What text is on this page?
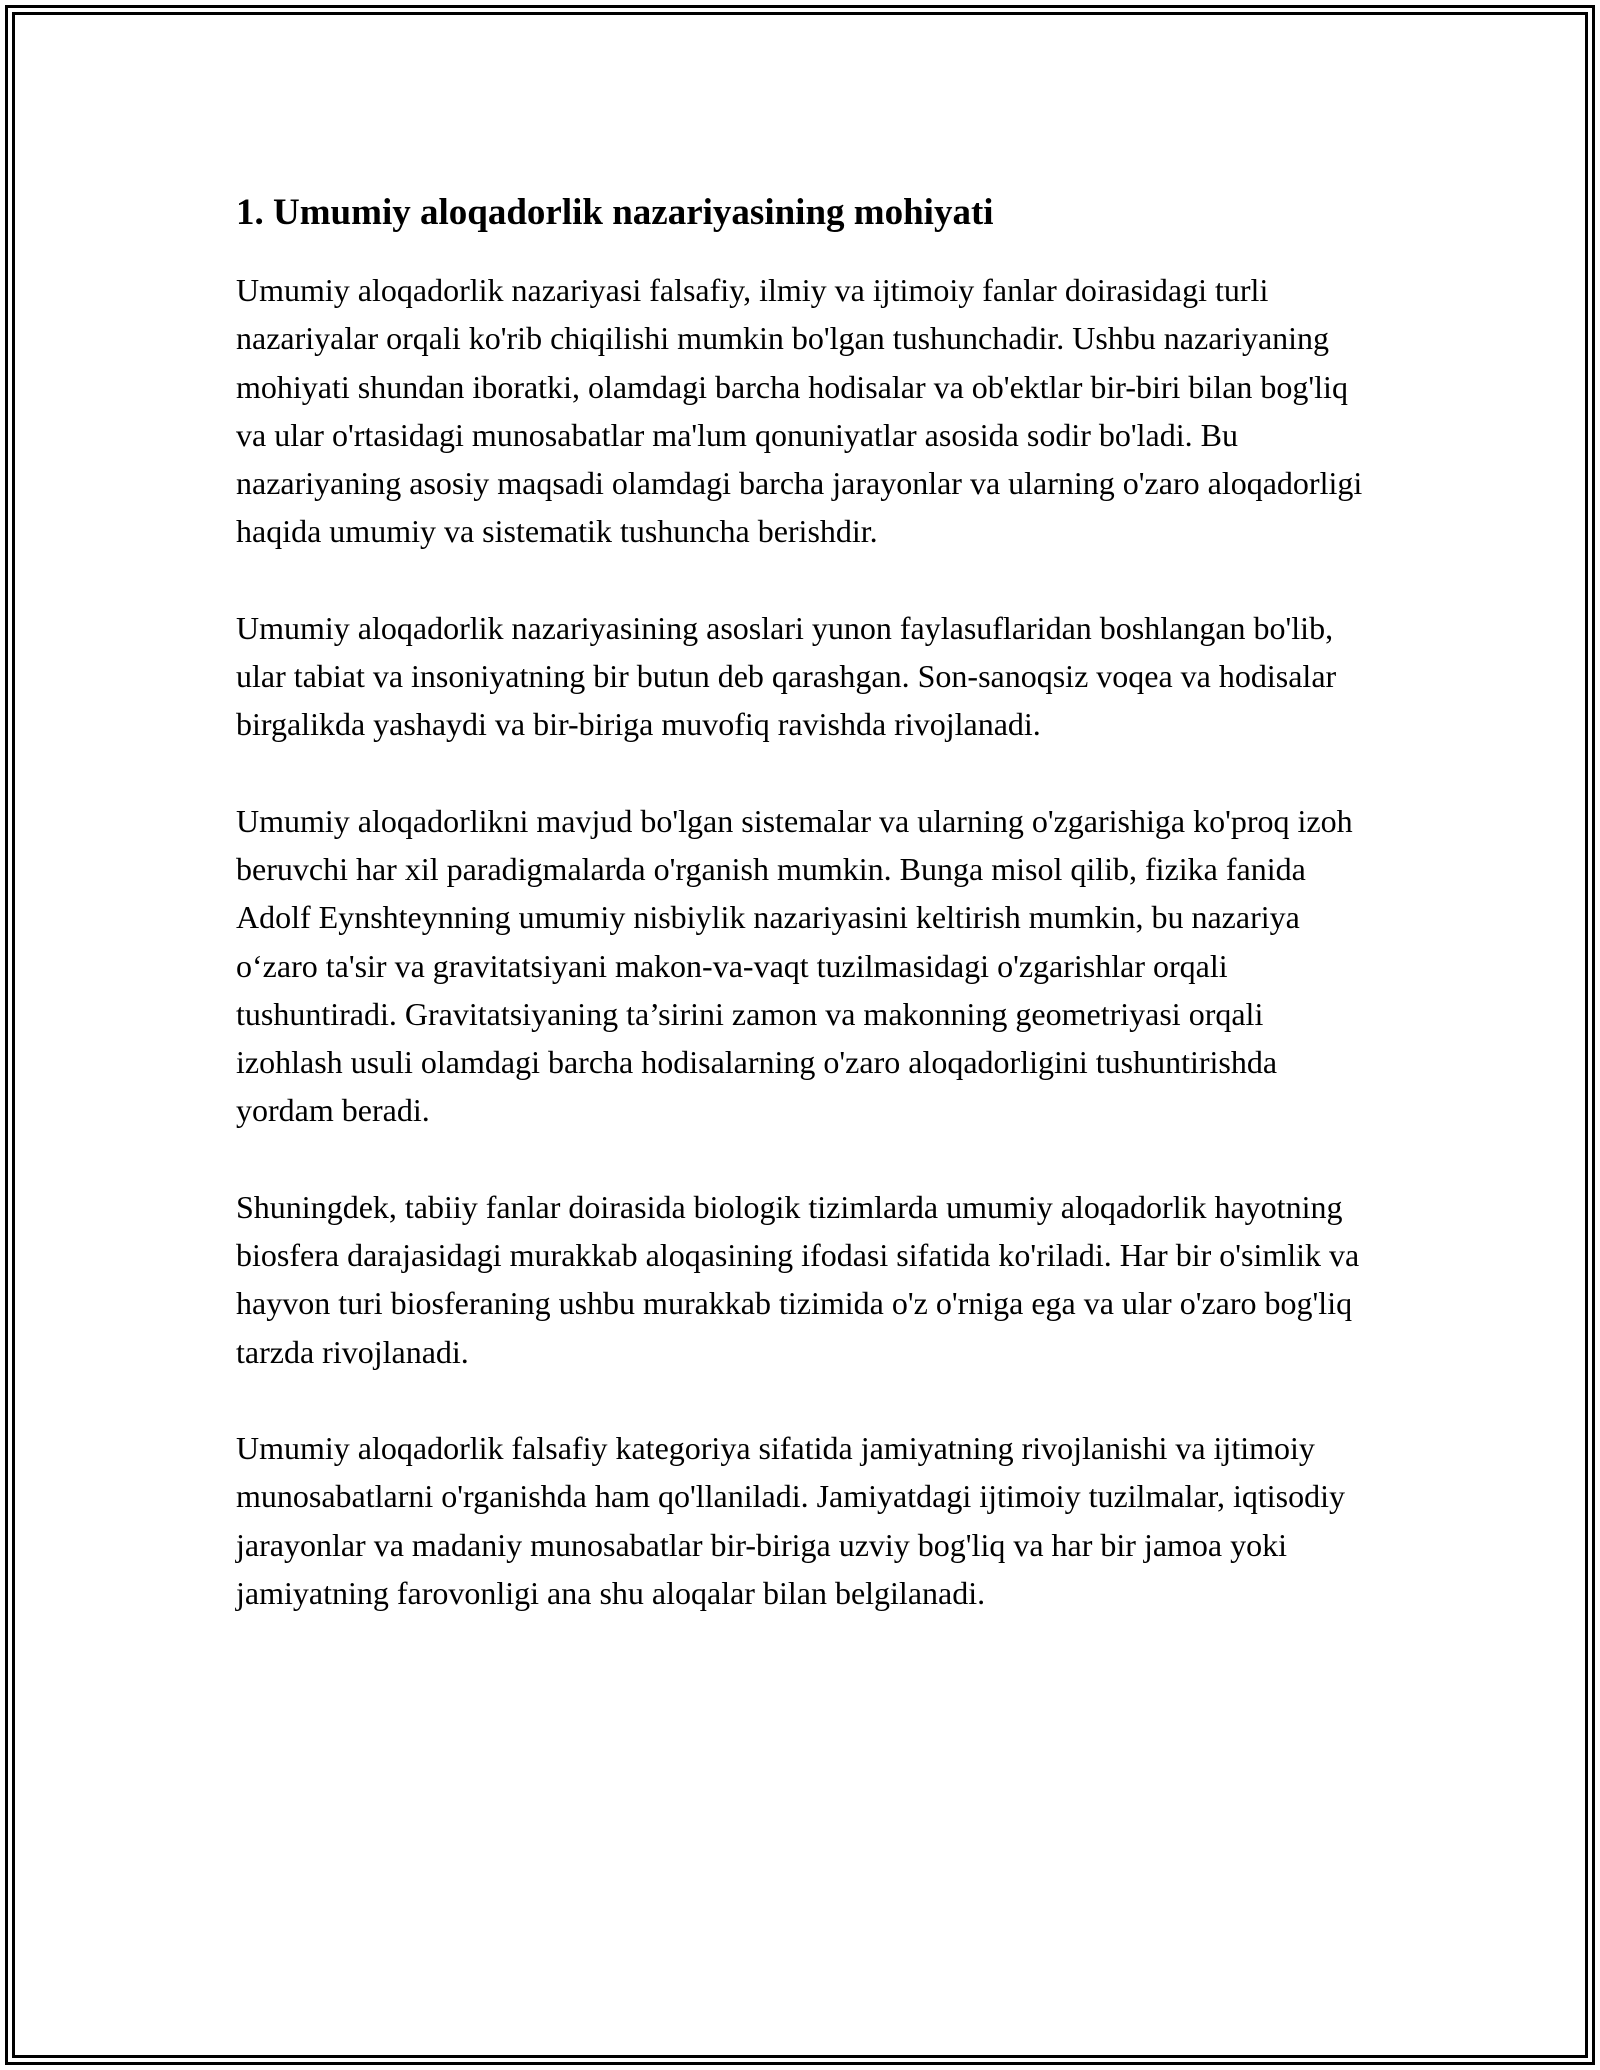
1. Umumiy aloqadorlik nazariyasining mohiyati

Umumiy aloqadorlik nazariyasi falsafiy, ilmiy va ijtimoiy fanlar doirasidagi turli nazariyalar orqali ko'rib chiqilishi mumkin bo'lgan tushunchadir. Ushbu nazariyaning mohiyati shundan iboratki, olamdagi barcha hodisalar va ob'ektlar bir-biri bilan bog'liq va ular o'rtasidagi munosabatlar ma'lum qonuniyatlar asosida sodir bo'ladi. Bu nazariyaning asosiy maqsadi olamdagi barcha jarayonlar va ularning o'zaro aloqadorligi haqida umumiy va sistematik tushuncha berishdir.

Umumiy aloqadorlik nazariyasining asoslari yunon faylasuflaridan boshlangan bo'lib, ular tabiat va insoniyatning bir butun deb qarashgan. Son-sanoqsiz voqea va hodisalar birgalikda yashaydi va bir-biriga muvofiq ravishda rivojlanadi.

Umumiy aloqadorlikni mavjud bo'lgan sistemalar va ularning o'zgarishiga ko'proq izoh beruvchi har xil paradigmalarda o'rganish mumkin. Bunga misol qilib, fizika fanida Adolf Eynshteynning umumiy nisbiylik nazariyasini keltirish mumkin, bu nazariya o‘zaro ta'sir va gravitatsiyani makon-va-vaqt tuzilmasidagi o'zgarishlar orqali tushuntiradi. Gravitatsiyaning ta’sirini zamon va makonning geometriyasi orqali izohlash usuli olamdagi barcha hodisalarning o'zaro aloqadorligini tushuntirishda yordam beradi.

Shuningdek, tabiiy fanlar doirasida biologik tizimlarda umumiy aloqadorlik hayotning biosfera darajasidagi murakkab aloqasining ifodasi sifatida ko'riladi. Har bir o'simlik va hayvon turi biosferaning ushbu murakkab tizimida o'z o'rniga ega va ular o'zaro bog'liq tarzda rivojlanadi.

Umumiy aloqadorlik falsafiy kategoriya sifatida jamiyatning rivojlanishi va ijtimoiy munosabatlarni o'rganishda ham qo'llaniladi. Jamiyatdagi ijtimoiy tuzilmalar, iqtisodiy jarayonlar va madaniy munosabatlar bir-biriga uzviy bog'liq va har bir jamoa yoki jamiyatning farovonligi ana shu aloqalar bilan belgilanadi.
